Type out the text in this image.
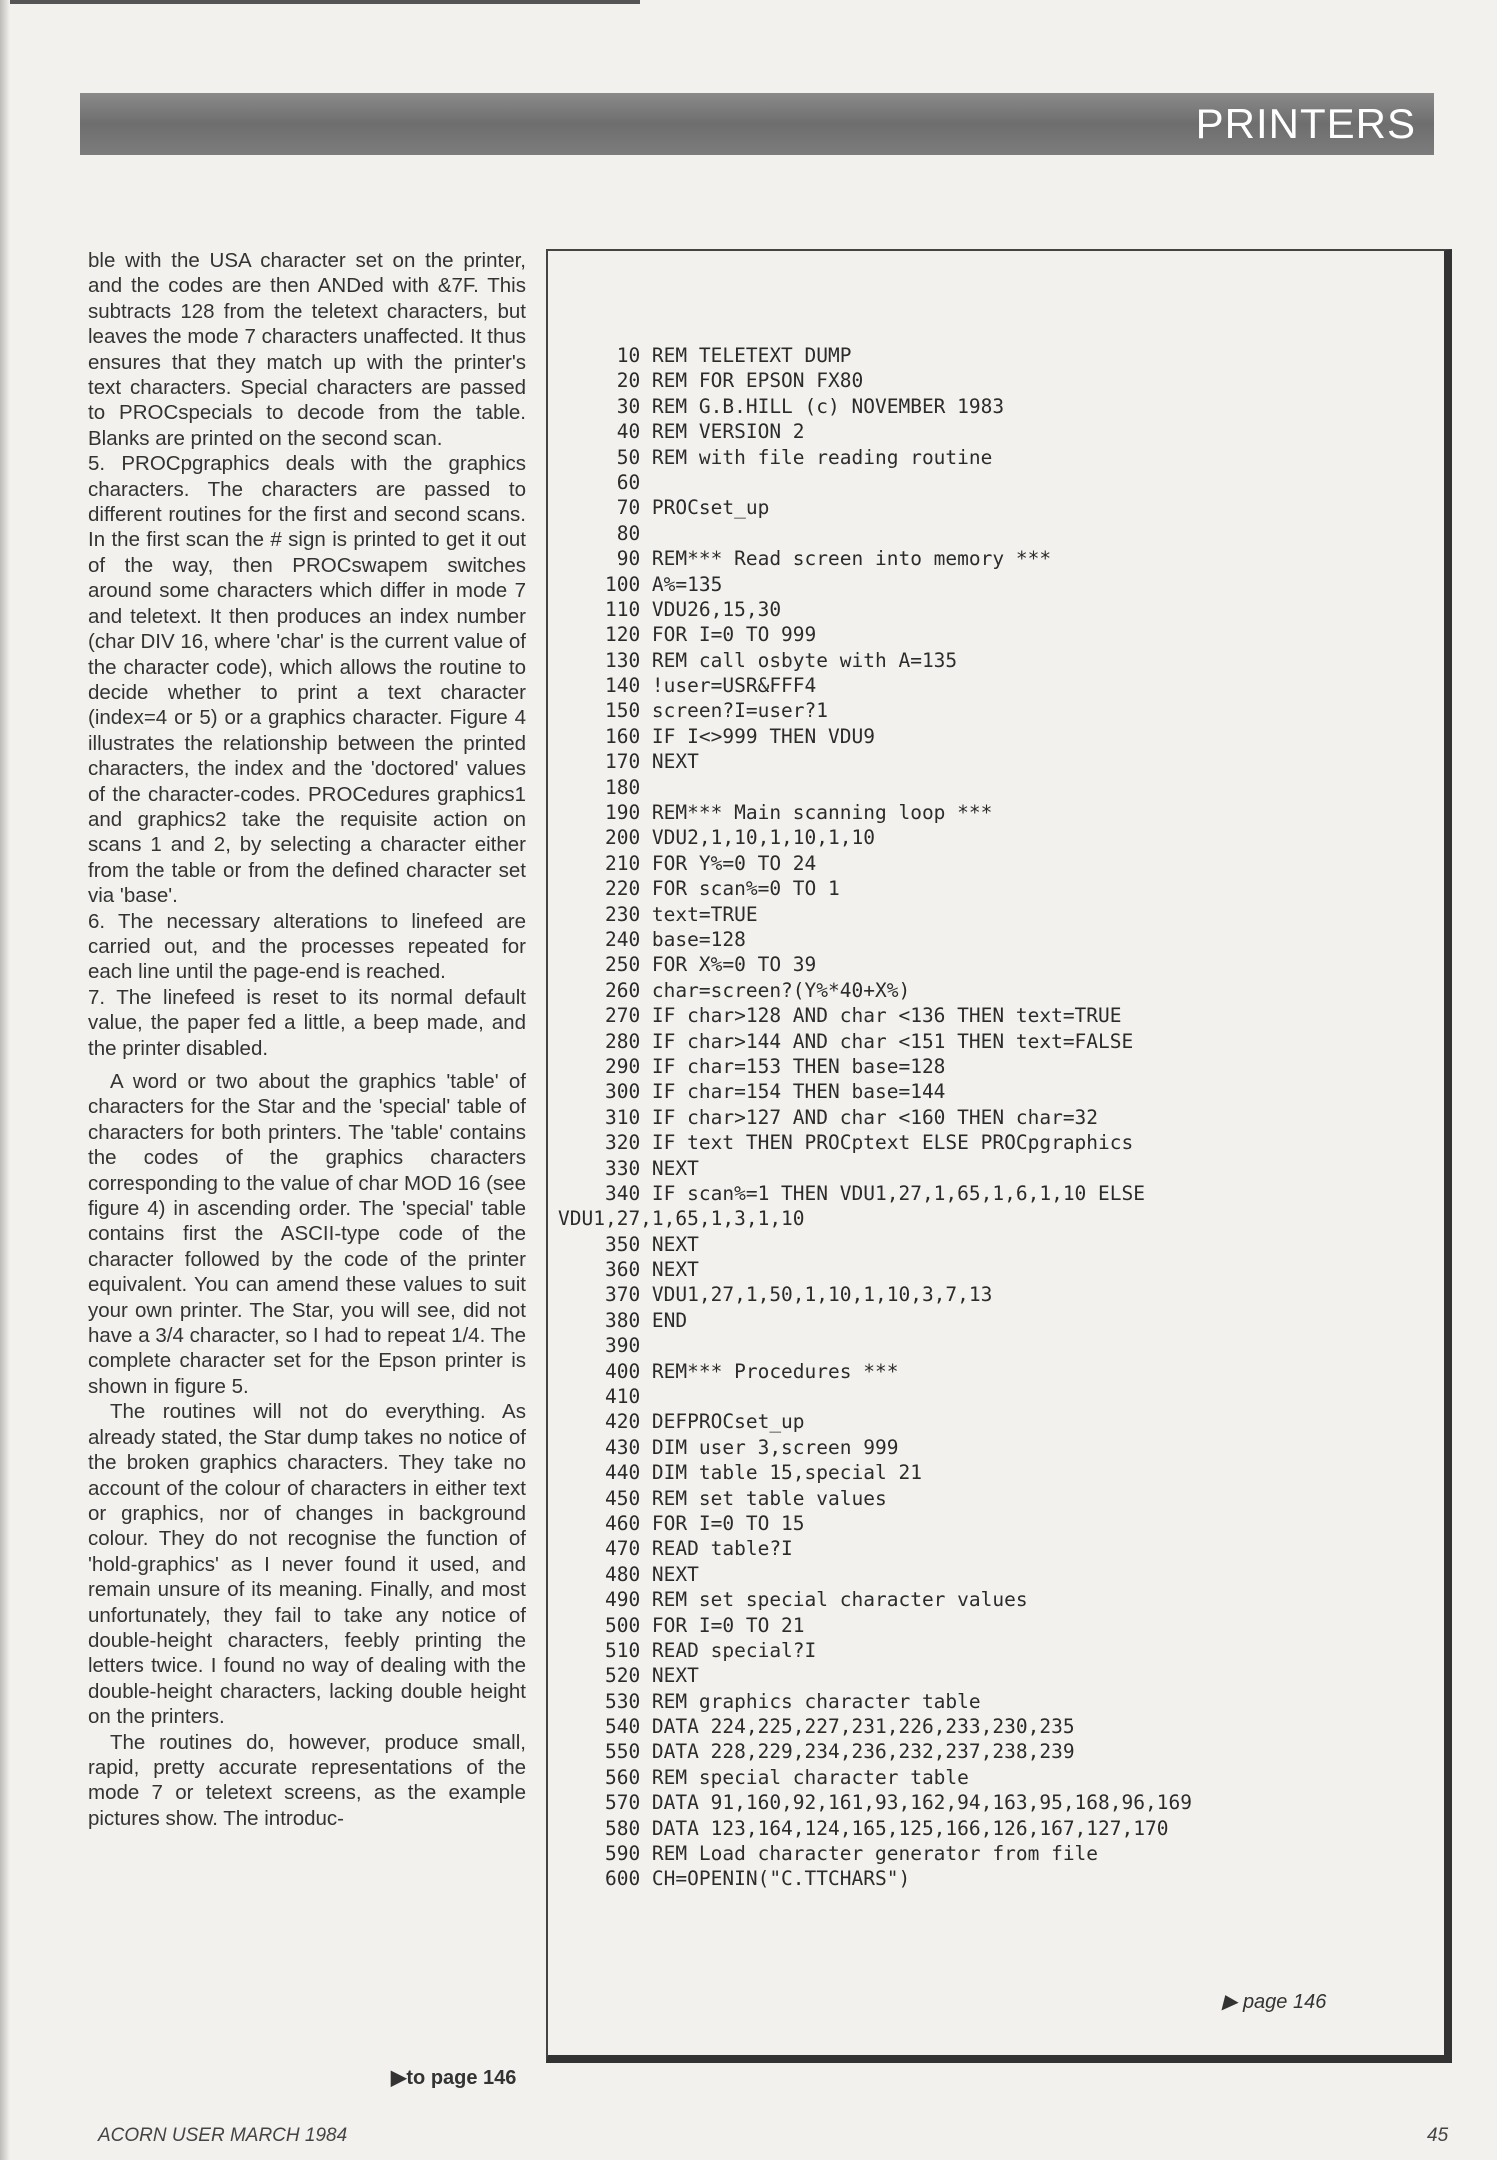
PRINTERS

ble with the USA character set on the printer, and the codes are then ANDed with &7F. This subtracts 128 from the teletext characters, but leaves the mode 7 characters unaffected. It thus ensures that they match up with the printer's text characters. Special characters are passed to PROCspecials to decode from the table. Blanks are printed on the second scan.

5. PROCpgraphics deals with the graphics characters. The characters are passed to different routines for the first and second scans. In the first scan the # sign is printed to get it out of the way, then PROCswapem switches around some characters which differ in mode 7 and teletext. It then produces an index number (char DIV 16, where 'char' is the current value of the character code), which allows the routine to decide whether to print a text character (index=4 or 5) or a graphics character. Figure 4 illustrates the relationship between the printed characters, the index and the 'doctored' values of the character-codes. PROCedures graphics1 and graphics2 take the requisite action on scans 1 and 2, by selecting a character either from the table or from the defined character set via 'base'.

6. The necessary alterations to linefeed are carried out, and the processes repeated for each line until the page-end is reached.

7. The linefeed is reset to its normal default value, the paper fed a little, a beep made, and the printer disabled.

A word or two about the graphics 'table' of characters for the Star and the 'special' table of characters for both printers. The 'table' contains the codes of the graphics characters corresponding to the value of char MOD 16 (see figure 4) in ascending order. The 'special' table contains first the ASCII-type code of the character followed by the code of the printer equivalent. You can amend these values to suit your own printer. The Star, you will see, did not have a 3/4 character, so I had to repeat 1/4. The complete character set for the Epson printer is shown in figure 5.

The routines will not do everything. As already stated, the Star dump takes no notice of the broken graphics characters. They take no account of the colour of characters in either text or graphics, nor of changes in background colour. They do not recognise the function of 'hold-graphics' as I never found it used, and remain unsure of its meaning. Finally, and most unfortunately, they fail to take any notice of double-height characters, feebly printing the letters twice. I found no way of dealing with the double-height characters, lacking double height on the printers.

The routines do, however, produce small, rapid, pretty accurate representations of the mode 7 or teletext screens, as the example pictures show. The introduc-

▶to page 146
10 REM TELETEXT DUMP
20 REM FOR EPSON FX80
30 REM G.B.HILL (c) NOVEMBER 1983
40 REM VERSION 2
50 REM with file reading routine
60
70 PROCset_up
80
90 REM*** Read screen into memory ***
100 A%=135
110 VDU26,15,30
120 FOR I=0 TO 999
130 REM call osbyte with A=135
140 !user=USR&FFF4
150 screen?I=user?1
160 IF I<>999 THEN VDU9
170 NEXT
180
190 REM*** Main scanning loop ***
200 VDU2,1,10,1,10,1,10
210 FOR Y%=0 TO 24
220 FOR scan%=0 TO 1
230 text=TRUE
240 base=128
250 FOR X%=0 TO 39
260 char=screen?(Y%*40+X%)
270 IF char>128 AND char <136 THEN text=TRUE
280 IF char>144 AND char <151 THEN text=FALSE
290 IF char=153 THEN base=128
300 IF char=154 THEN base=144
310 IF char>127 AND char <160 THEN char=32
320 IF text THEN PROCptext ELSE PROCpgraphics
330 NEXT
340 IF scan%=1 THEN VDU1,27,1,65,1,6,1,10 ELSE
VDU1,27,1,65,1,3,1,10
350 NEXT
360 NEXT
370 VDU1,27,1,50,1,10,1,10,3,7,13
380 END
390
400 REM*** Procedures ***
410
420 DEFPROCset_up
430 DIM user 3,screen 999
440 DIM table 15,special 21
450 REM set table values
460 FOR I=0 TO 15
470 READ table?I
480 NEXT
490 REM set special character values
500 FOR I=0 TO 21
510 READ special?I
520 NEXT
530 REM graphics character table
540 DATA 224,225,227,231,226,233,230,235
550 DATA 228,229,234,236,232,237,238,239
560 REM special character table
570 DATA 91,160,92,161,93,162,94,163,95,168,96,169
580 DATA 123,164,124,165,125,166,126,167,127,170
590 REM Load character generator from file
600 CH=OPENIN("C.TTCHARS")
▶ page 146
ACORN USER MARCH 1984	45
